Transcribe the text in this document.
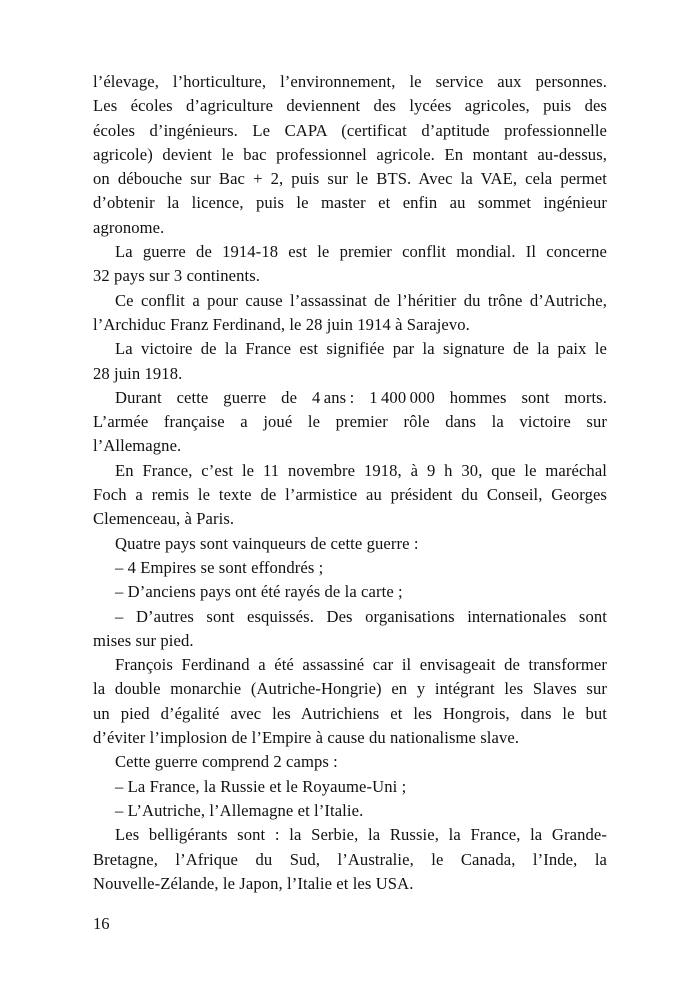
l’élevage, l’horticulture, l’environnement, le service aux personnes.
Les écoles d’agriculture deviennent des lycées agricoles, puis des
écoles d’ingénieurs. Le CAPA (certificat d’aptitude professionnelle
agricole) devient le bac professionnel agricole. En montant au-dessus,
on débouche sur Bac + 2, puis sur le BTS. Avec la VAE, cela permet
d’obtenir la licence, puis le master et enfin au sommet ingénieur
agronome.
La guerre de 1914-18 est le premier conflit mondial. Il concerne
32 pays sur 3 continents.
Ce conflit a pour cause l’assassinat de l’héritier du trône d’Autriche,
l’Archiduc Franz Ferdinand, le 28 juin 1914 à Sarajevo.
La victoire de la France est signifiée par la signature de la paix le
28 juin 1918.
Durant cette guerre de 4 ans : 1 400 000 hommes sont morts.
L’armée française a joué le premier rôle dans la victoire sur
l’Allemagne.
En France, c’est le 11 novembre 1918, à 9 h 30, que le maréchal
Foch a remis le texte de l’armistice au président du Conseil, Georges
Clemenceau, à Paris.
Quatre pays sont vainqueurs de cette guerre :
– 4 Empires se sont effondrés ;
– D’anciens pays ont été rayés de la carte ;
– D’autres sont esquissés. Des organisations internationales sont
mises sur pied.
François Ferdinand a été assassiné car il envisageait de transformer
la double monarchie (Autriche-Hongrie) en y intégrant les Slaves sur
un pied d’égalité avec les Autrichiens et les Hongrois, dans le but
d’éviter l’implosion de l’Empire à cause du nationalisme slave.
Cette guerre comprend 2 camps :
– La France, la Russie et le Royaume-Uni ;
– L’Autriche, l’Allemagne et l’Italie.
Les belligérants sont : la Serbie, la Russie, la France, la Grande-
Bretagne, l’Afrique du Sud, l’Australie, le Canada, l’Inde, la
Nouvelle-Zélande, le Japon, l’Italie et les USA.
16
